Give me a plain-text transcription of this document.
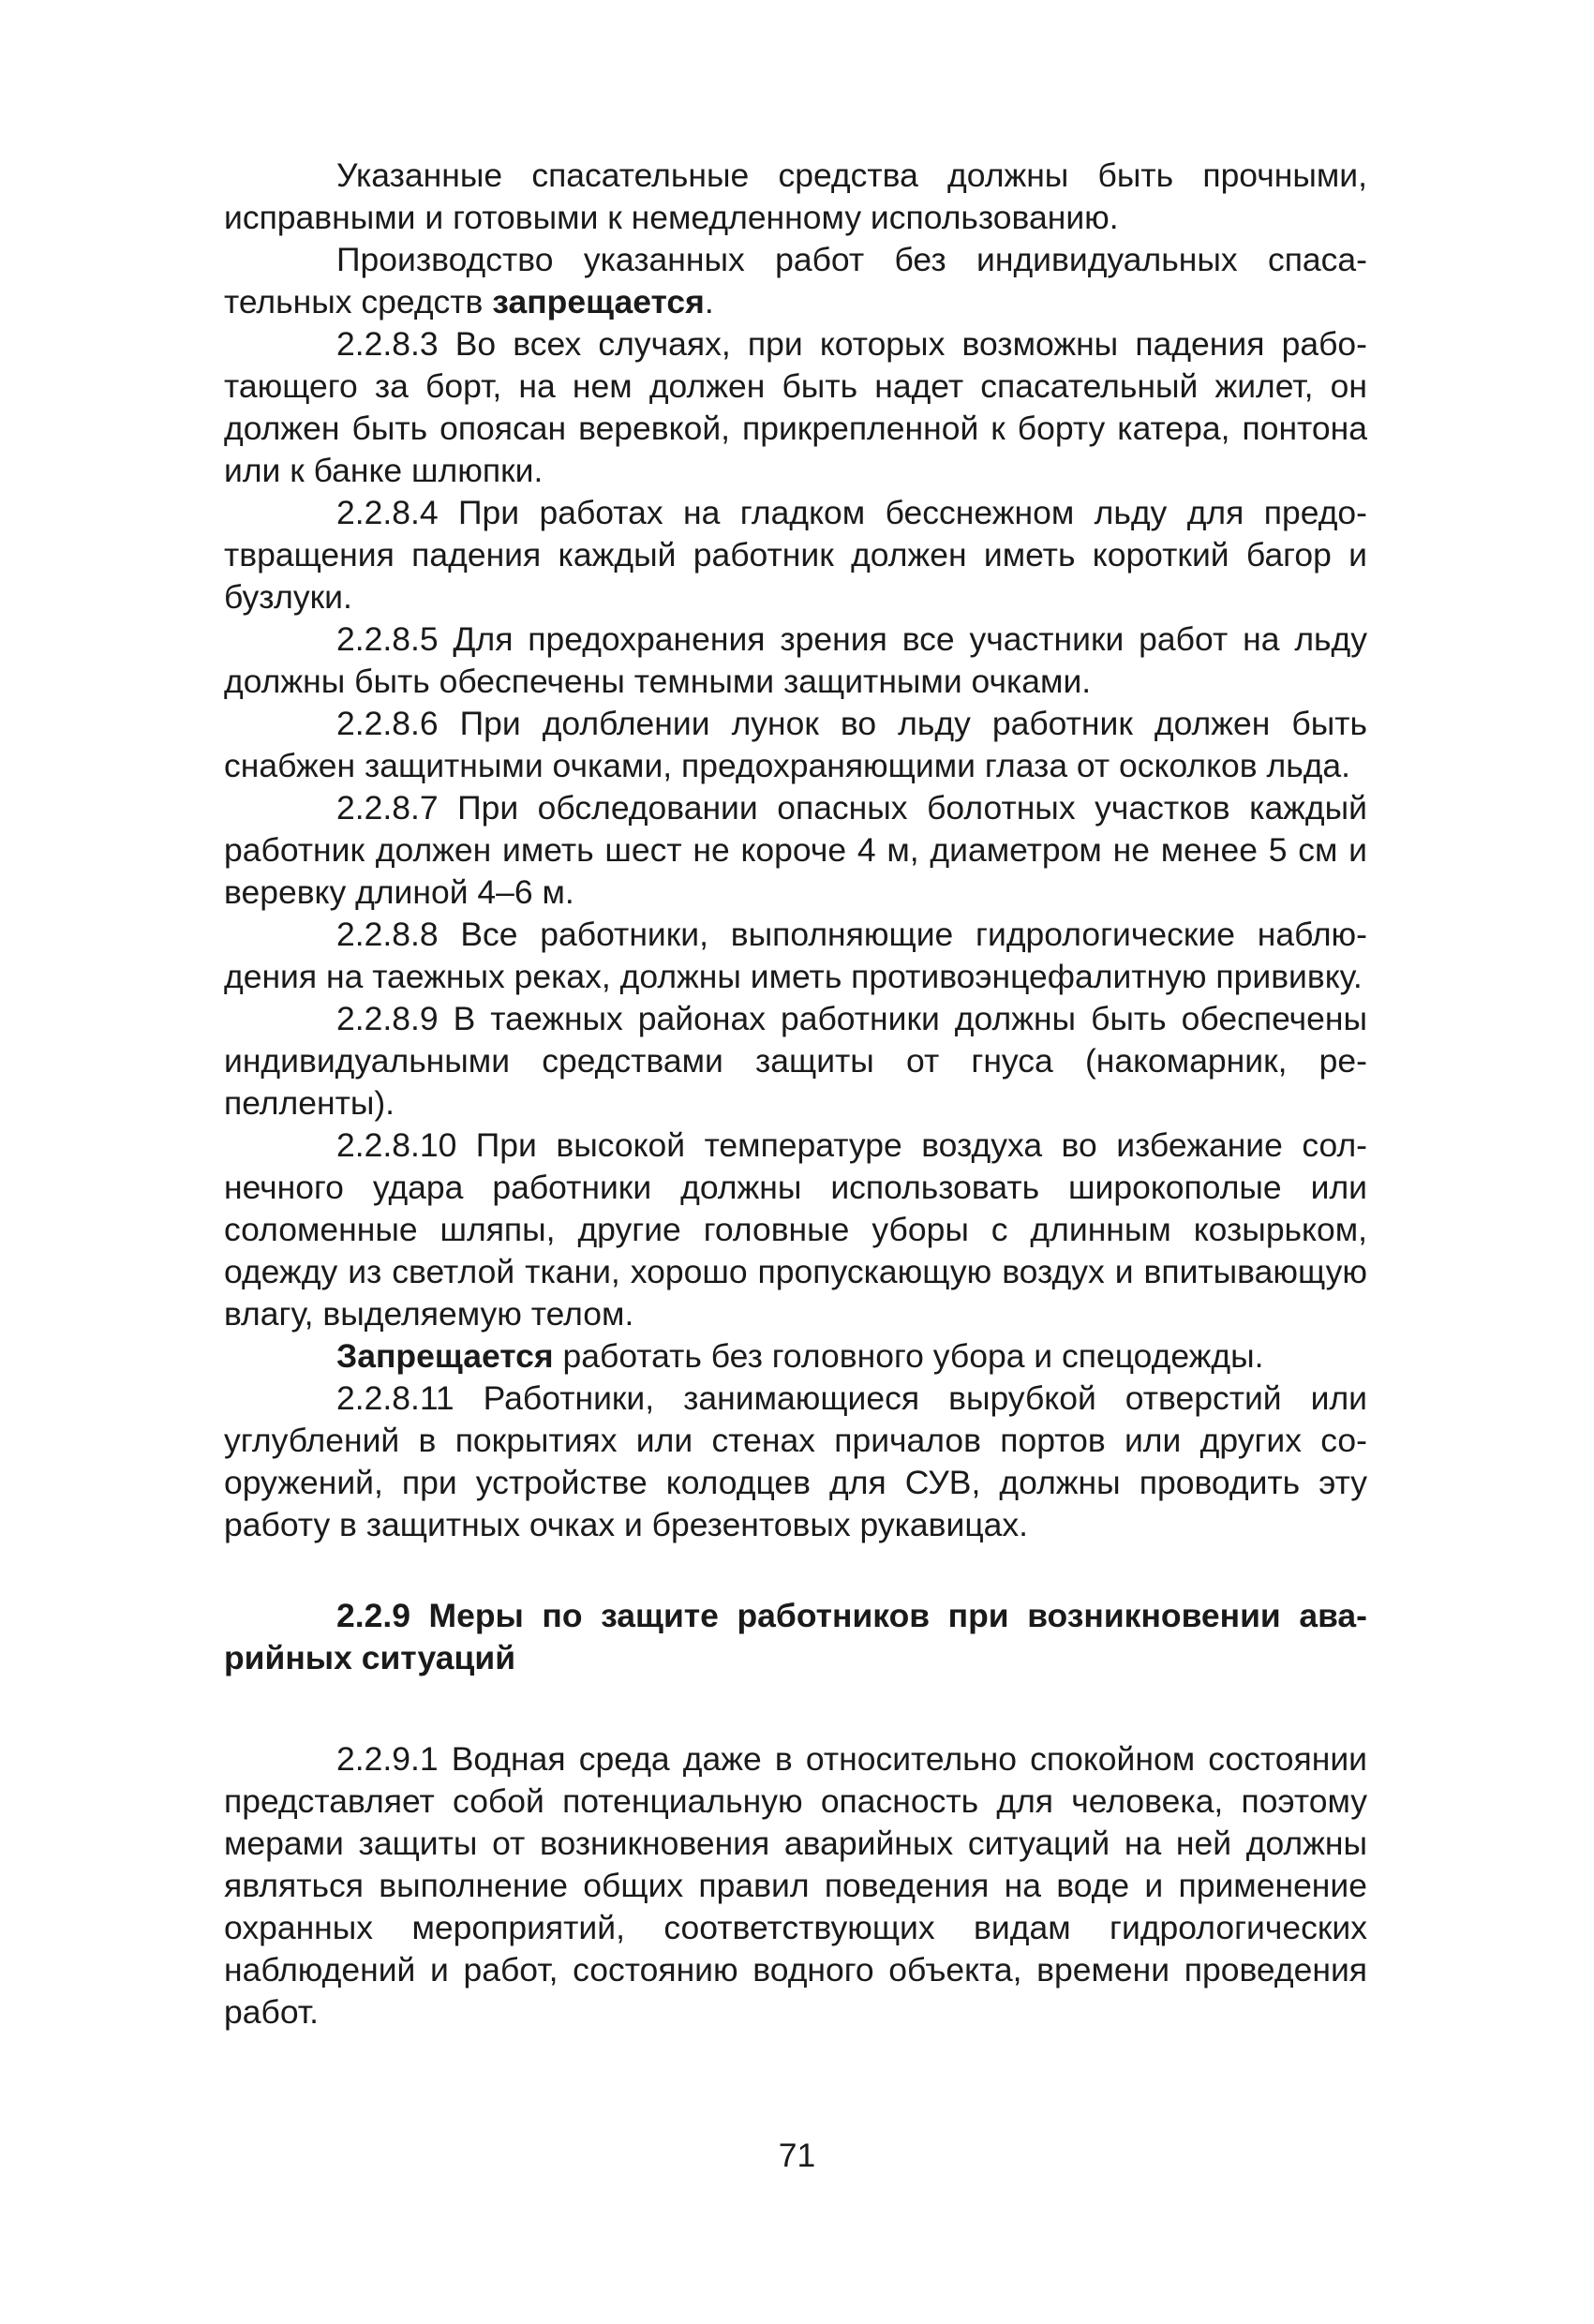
Указанные спасательные средства должны быть прочными, исправными и готовыми к немедленному использованию.

Производство указанных работ без индивидуальных спасательных средств запрещается.

2.2.8.3 Во всех случаях, при которых возможны падения работающего за борт, на нем должен быть надет спасательный жилет, он должен быть опоясан веревкой, прикрепленной к борту катера, понтона или к банке шлюпки.

2.2.8.4 При работах на гладком бесснежном льду для предотвращения падения каждый работник должен иметь короткий багор и бузлуки.

2.2.8.5 Для предохранения зрения все участники работ на льду должны быть обеспечены темными защитными очками.

2.2.8.6 При долблении лунок во льду работник должен быть снабжен защитными очками, предохраняющими глаза от осколков льда.

2.2.8.7 При обследовании опасных болотных участков каждый работник должен иметь шест не короче 4 м, диаметром не менее 5 см и веревку длиной 4–6 м.

2.2.8.8 Все работники, выполняющие гидрологические наблюдения на таежных реках, должны иметь противоэнцефалитную прививку.

2.2.8.9 В таежных районах работники должны быть обеспечены индивидуальными средствами защиты от гнуса (накомарник, репелленты).

2.2.8.10 При высокой температуре воздуха во избежание солнечного удара работники должны использовать широкополые или соломенные шляпы, другие головные уборы с длинным козырьком, одежду из светлой ткани, хорошо пропускающую воздух и впитывающую влагу, выделяемую телом.

Запрещается работать без головного убора и спецодежды.

2.2.8.11 Работники, занимающиеся вырубкой отверстий или углублений в покрытиях или стенах причалов портов или других сооружений, при устройстве колодцев для СУВ, должны проводить эту работу в защитных очках и брезентовых рукавицах.

2.2.9 Меры по защите работников при возникновении аварийных ситуаций

2.2.9.1 Водная среда даже в относительно спокойном состоянии представляет собой потенциальную опасность для человека, поэтому мерами защиты от возникновения аварийных ситуаций на ней должны являться выполнение общих правил поведения на воде и применение охранных мероприятий, соответствующих видам гидрологических наблюдений и работ, состоянию водного объекта, времени проведения работ.

71
